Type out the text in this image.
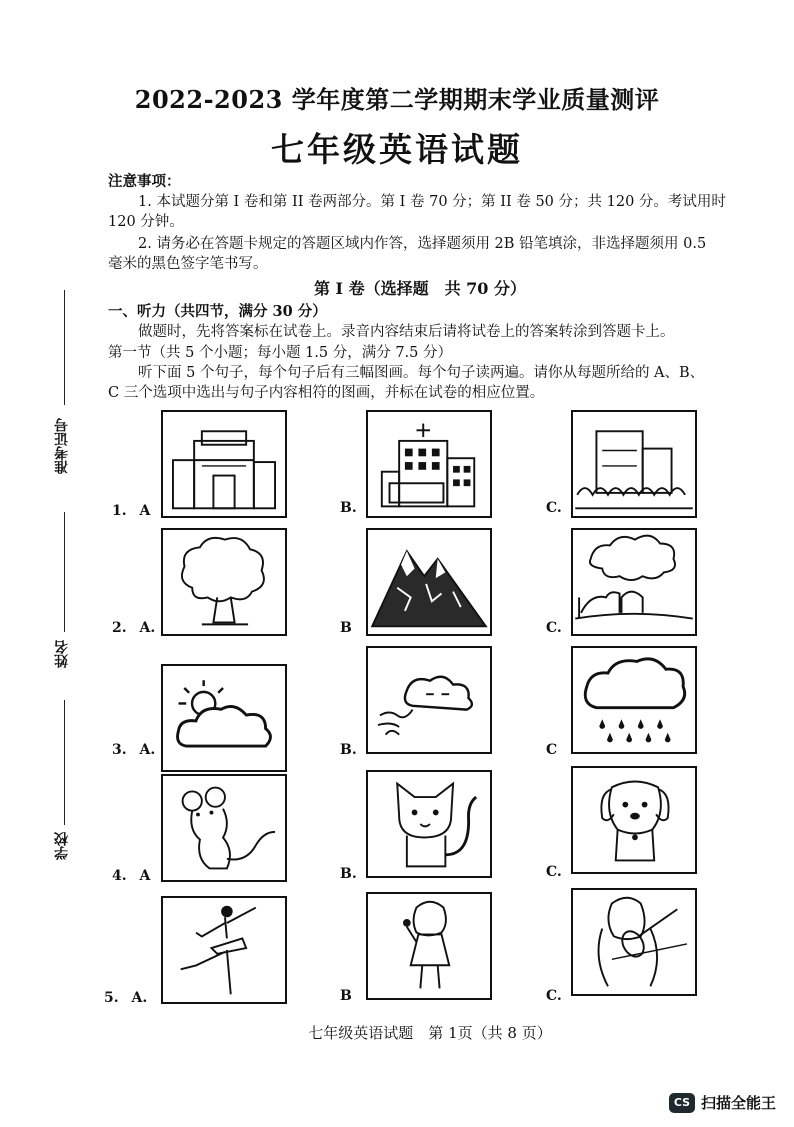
2022-2023 学年度第二学期期末学业质量测评
七年级英语试题
注意事项：
1. 本试题分第 I 卷和第 II 卷两部分。第 I 卷 70 分；第 II 卷 50 分；共 120 分。考试用时
120 分钟。
2. 请务必在答题卡规定的答题区域内作答，选择题须用 2B 铅笔填涂，非选择题须用 0.5
毫米的黑色签字笔书写。
第 I 卷（选择题　共 70 分）
一、听力（共四节，满分 30 分）
做题时，先将答案标在试卷上。录音内容结束后请将试卷上的答案转涂到答题卡上。
第一节（共 5 个小题；每小题 1.5 分，满分 7.5 分）
听下面 5 个句子，每个句子后有三幅图画。每个句子读两遍。请你从每题所给的 A、B、
C 三个选项中选出与句子内容相符的图画，并标在试卷的相应位置。
准考证号
姓名
学校
1. A	B.	C.
2. A.	B	C.
3. A.	B.	C
4. A	B.	C.
5. A.	B	C.
七年级英语试题　第 1页（共 8 页）
CS 扫描全能王
